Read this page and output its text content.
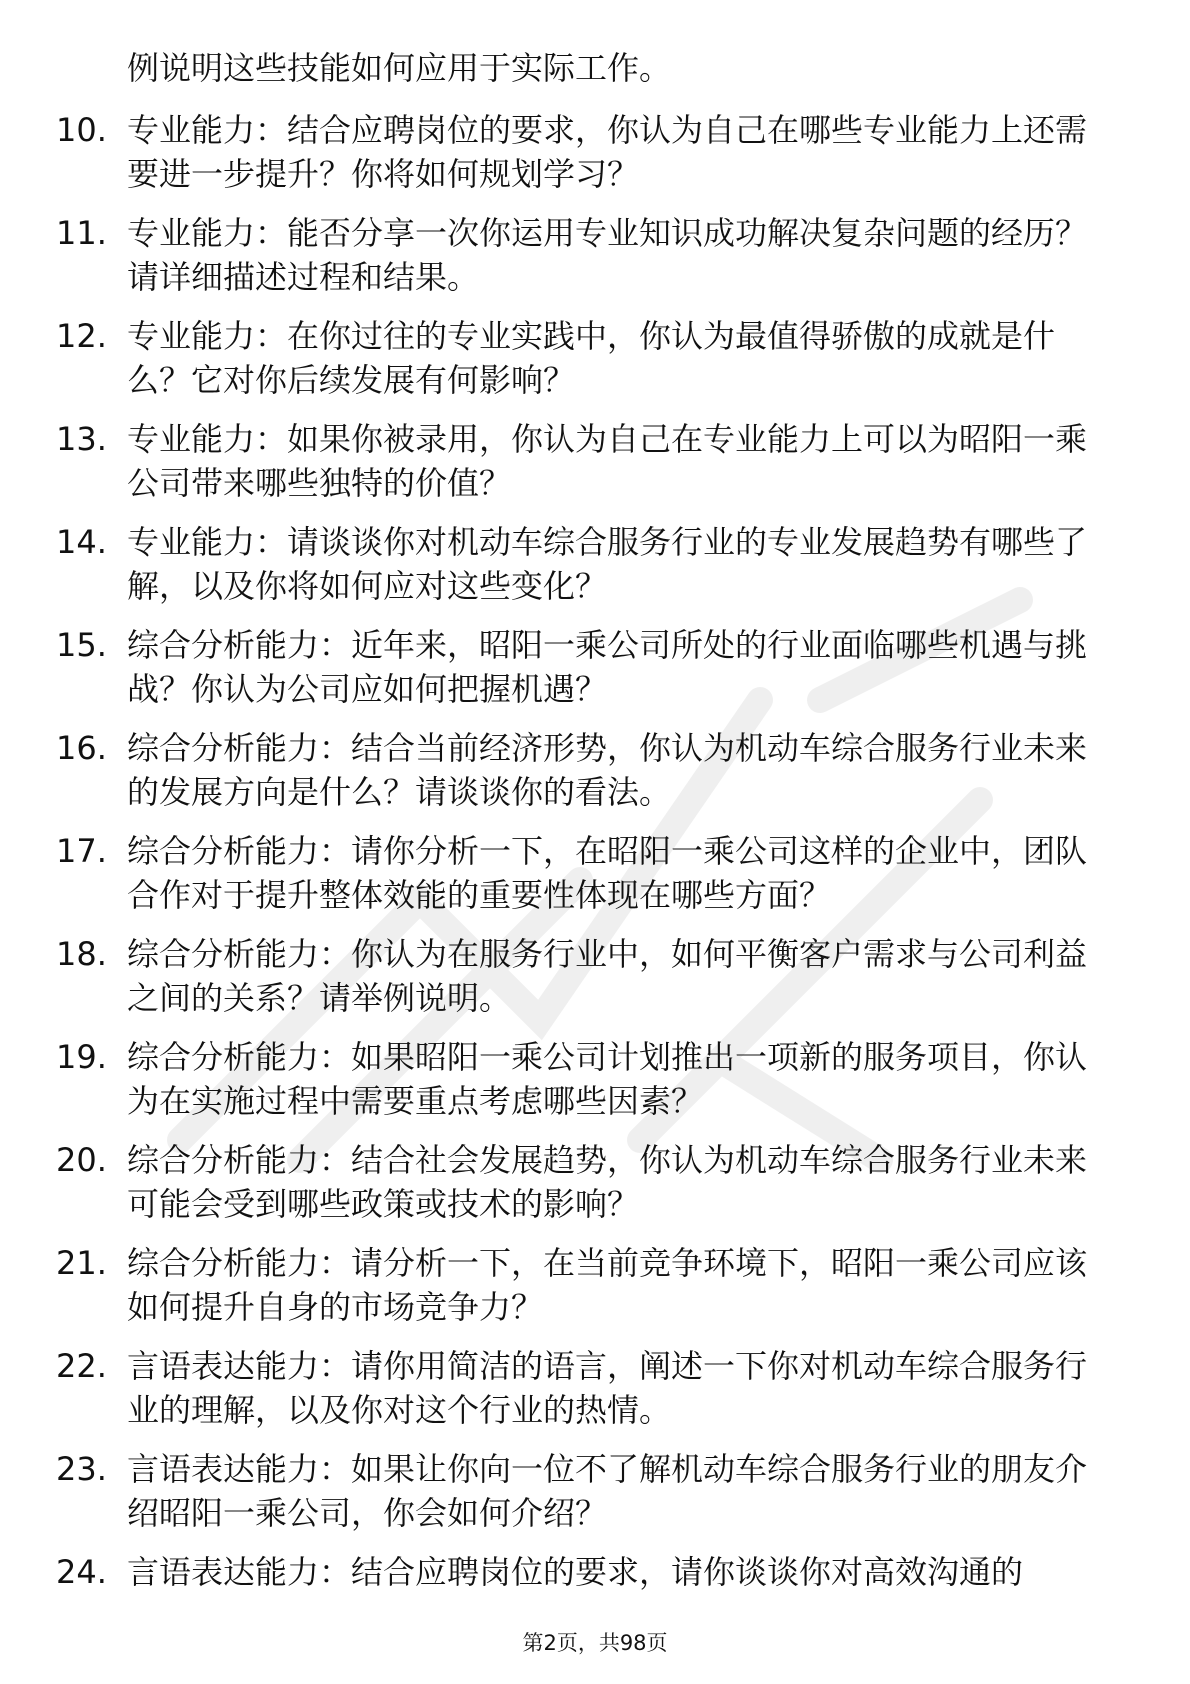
例说明这些技能如何应用于实际工作。

10. 专业能力：结合应聘岗位的要求，你认为自己在哪些专业能力上还需要进一步提升？你将如何规划学习？
11. 专业能力：能否分享一次你运用专业知识成功解决复杂问题的经历？请详细描述过程和结果。
12. 专业能力：在你过往的专业实践中，你认为最值得骄傲的成就是什么？它对你后续发展有何影响？
13. 专业能力：如果你被录用，你认为自己在专业能力上可以为昭阳一乘公司带来哪些独特的价值？
14. 专业能力：请谈谈你对机动车综合服务行业的专业发展趋势有哪些了解，以及你将如何应对这些变化？
15. 综合分析能力：近年来，昭阳一乘公司所处的行业面临哪些机遇与挑战？你认为公司应如何把握机遇？
16. 综合分析能力：结合当前经济形势，你认为机动车综合服务行业未来的发展方向是什么？请谈谈你的看法。
17. 综合分析能力：请你分析一下，在昭阳一乘公司这样的企业中，团队合作对于提升整体效能的重要性体现在哪些方面？
18. 综合分析能力：你认为在服务行业中，如何平衡客户需求与公司利益之间的关系？请举例说明。
19. 综合分析能力：如果昭阳一乘公司计划推出一项新的服务项目，你认为在实施过程中需要重点考虑哪些因素？
20. 综合分析能力：结合社会发展趋势，你认为机动车综合服务行业未来可能会受到哪些政策或技术的影响？
21. 综合分析能力：请分析一下，在当前竞争环境下，昭阳一乘公司应该如何提升自身的市场竞争力？
22. 言语表达能力：请你用简洁的语言，阐述一下你对机动车综合服务行业的理解，以及你对这个行业的热情。
23. 言语表达能力：如果让你向一位不了解机动车综合服务行业的朋友介绍昭阳一乘公司，你会如何介绍？
24. 言语表达能力：结合应聘岗位的要求，请你谈谈你对高效沟通的
第2页，共98页
